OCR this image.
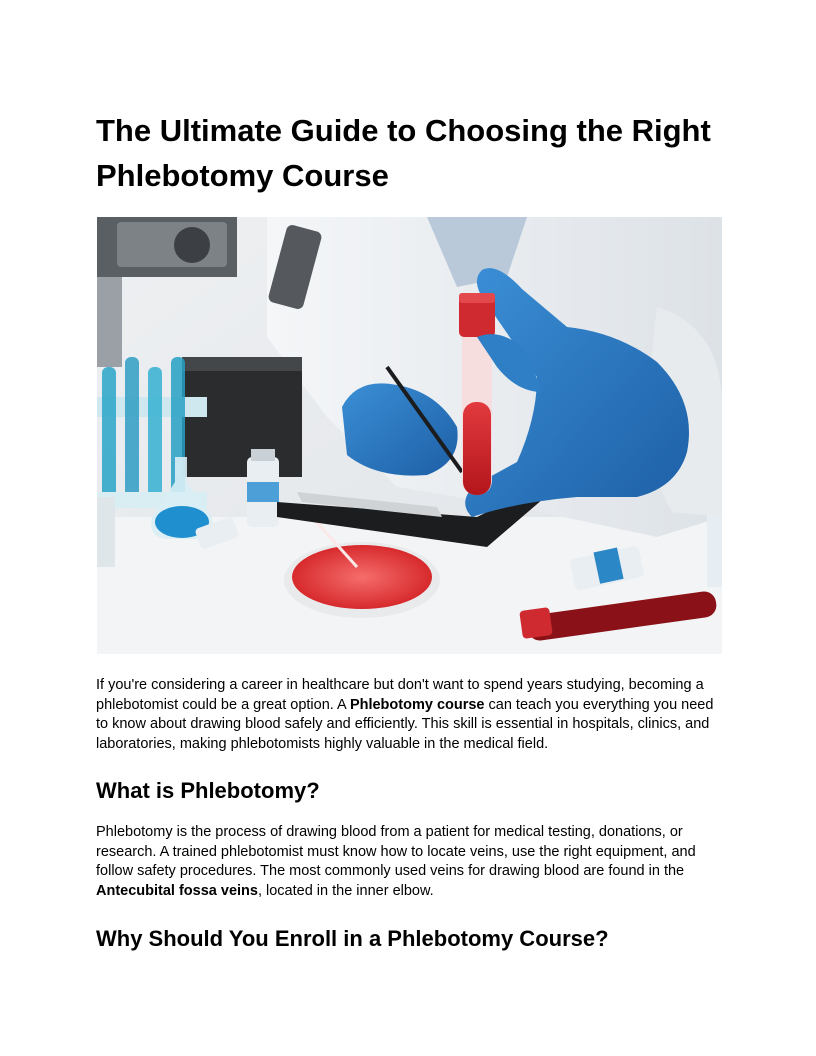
The Ultimate Guide to Choosing the Right Phlebotomy Course

If you're considering a career in healthcare but don't want to spend years studying, becoming a phlebotomist could be a great option. A Phlebotomy course can teach you everything you need to know about drawing blood safely and efficiently. This skill is essential in hospitals, clinics, and laboratories, making phlebotomists highly valuable in the medical field.

What is Phlebotomy?

Phlebotomy is the process of drawing blood from a patient for medical testing, donations, or research. A trained phlebotomist must know how to locate veins, use the right equipment, and follow safety procedures. The most commonly used veins for drawing blood are found in the Antecubital fossa veins, located in the inner elbow.

Why Should You Enroll in a Phlebotomy Course?
